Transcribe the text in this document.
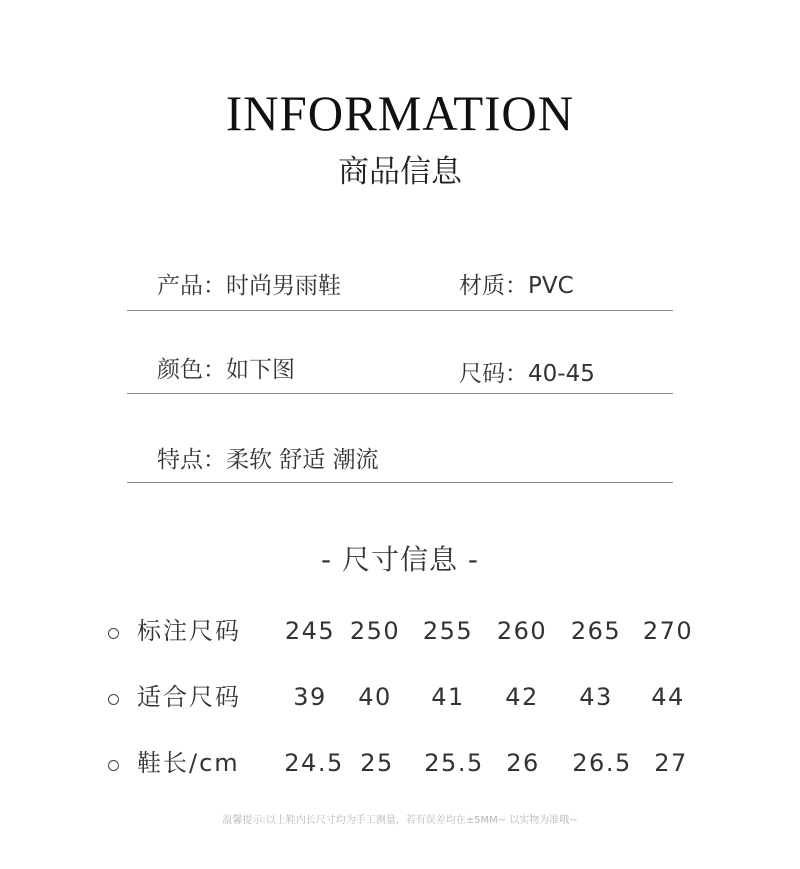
INFORMATION
商品信息
产品：时尚男雨鞋	材质：PVC
颜色：如下图	尺码：40-45
特点：柔软 舒适 潮流
- 尺寸信息 -
标注尺码	245 250 255 260 265 270
适合尺码	39	40	41	42	43	44
鞋长/cm 24.5 25	25.5 26	26.5 27
温馨提示:以上鞋内长尺寸均为手工测量，若有误差均在±5MM~ 以实物为准哦~
